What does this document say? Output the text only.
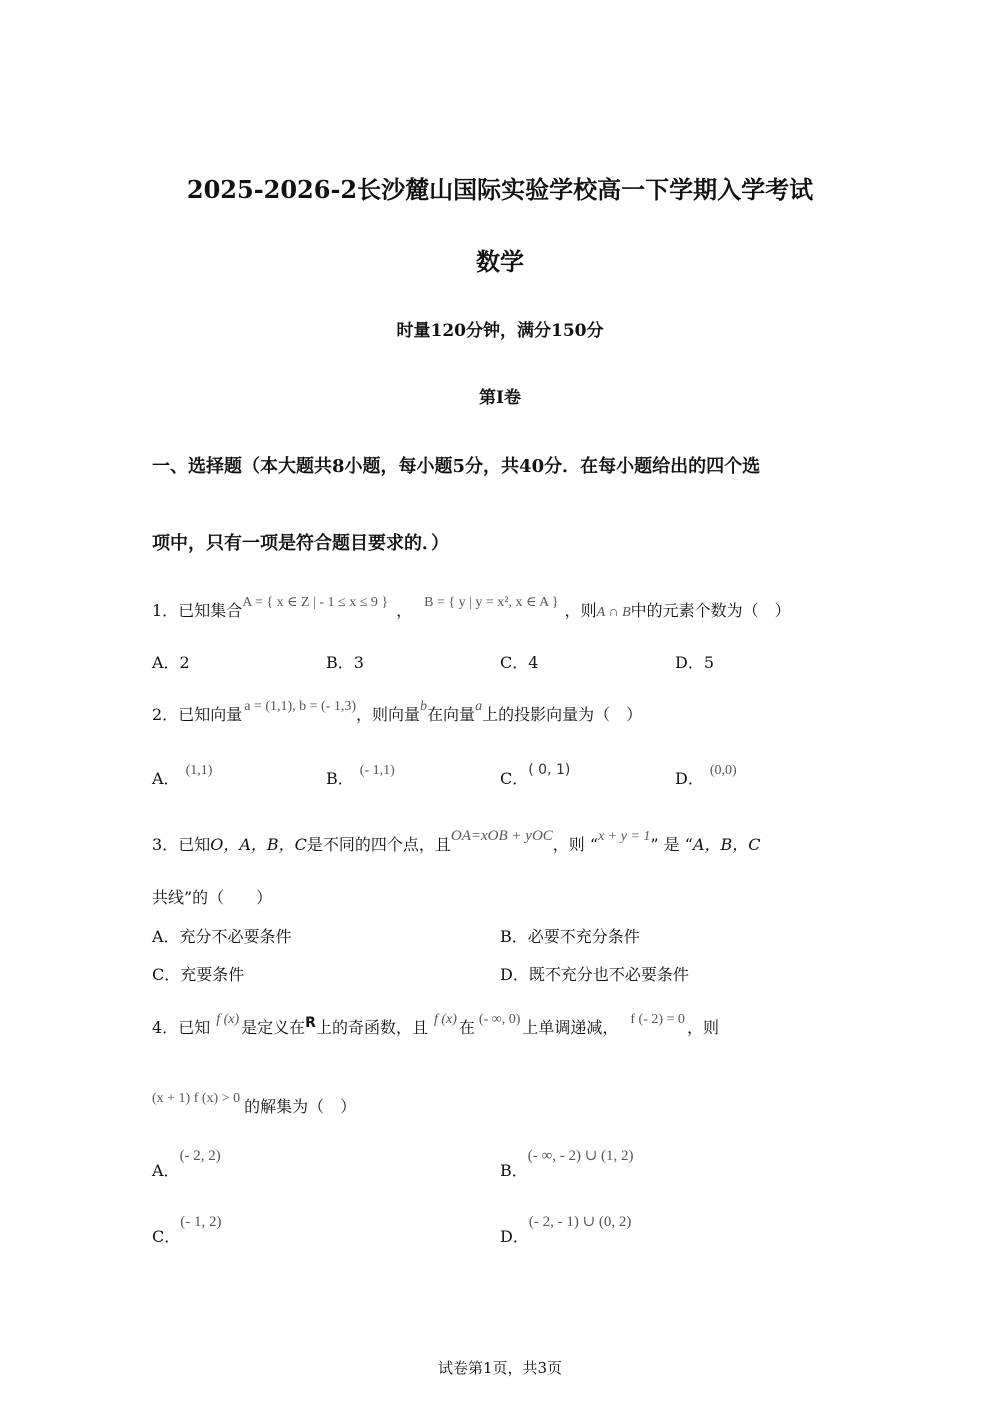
2025-2026-2长沙麓山国际实验学校高一下学期入学考试
数学
时量120分钟，满分150分
第Ⅰ卷
一、选择题（本大题共8小题，每小题5分，共40分．在每小题给出的四个选
项中，只有一项是符合题目要求的．）
1．已知集合A = { x ∈ Z | - 1 ≤ x ≤ 9 } ， B = { y | y = x², x ∈ A } ，则A ∩ B中的元素个数为（　）
A．2	B．3	C．4	D．5
2．已知向量 a = (1,1), b = (- 1,3)，则向量b在向量a上的投影向量为（　）
A． (1,1)	B． (- 1,1)	C．( 0, 1)	D． (0,0)
3．已知O，A，B，C是不同的四个点，且OA=xOB + yOC，则 “x + y = 1” 是 “A，B，C
共线”的（　　）
A．充分不必要条件	B．必要不充分条件
C．充要条件	D．既不充分也不必要条件
4．已知 f (x) 是定义在R上的奇函数，且 f (x) 在 (- ∞, 0) 上单调递减， f (- 2) = 0 ，则
(x + 1) f (x) > 0 的解集为（　）
A．(- 2, 2)
B．(- ∞, - 2) ∪ (1, 2)
C．(- 1, 2)
D．(- 2, - 1) ∪ (0, 2)
试卷第1页，共3页
